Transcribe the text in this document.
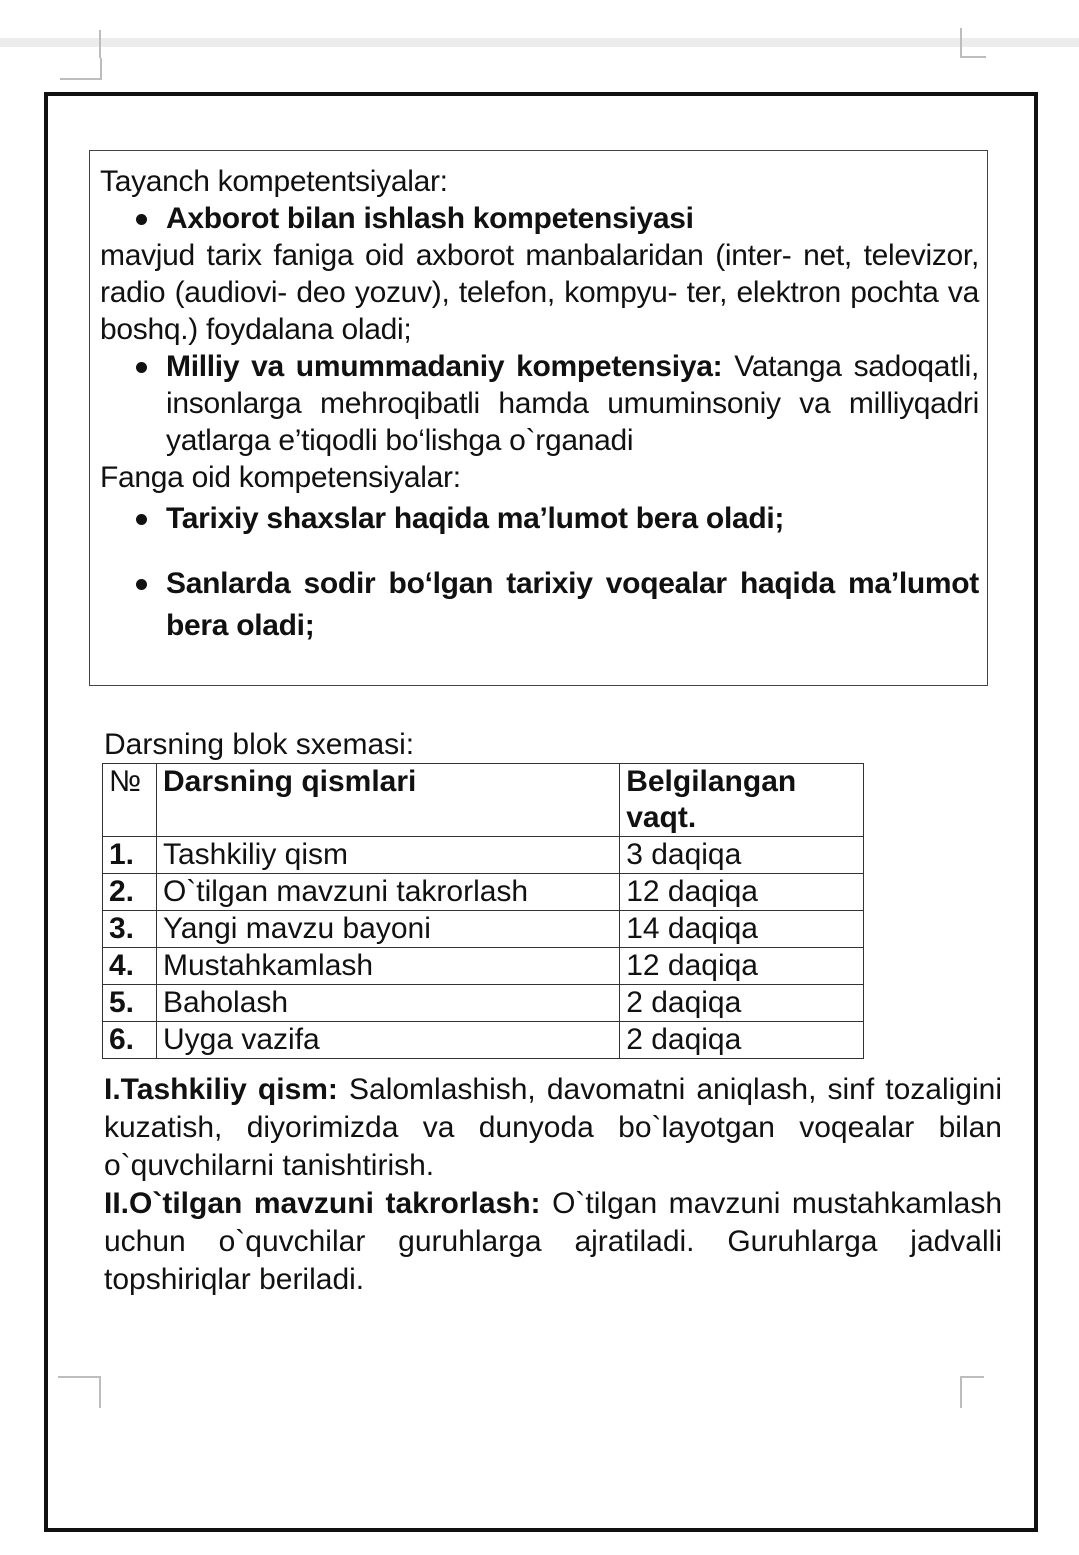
Tayanch kompetentsiyalar:
Axborot bilan ishlash kompetensiyasi
mavjud tarix faniga oid axborot manbalaridan (inter- net, televizor, radio (audiovi- deo yozuv), telefon, kompyu- ter, elektron pochta va boshq.) foydalana oladi;
Milliy va umummadaniy kompetensiya: Vatanga sadoqatli, insonlarga mehroqibatli hamda umuminsoniy va milliyqadri yatlarga e’tiqodli bo‘lishga o`rganadi
Fanga oid kompetensiyalar:
Tarixiy shaxslar haqida ma’lumot bera oladi;
Sanlarda sodir bo‘lgan tarixiy voqealar haqida ma’lumot bera oladi;
Darsning blok sxemasi:
№	Darsning qismlari	Belgilangan vaqt.
1.	Tashkiliy qism	3 daqiqa
2.	O`tilgan mavzuni takrorlash	12 daqiqa
3.	Yangi mavzu bayoni	14 daqiqa
4.	Mustahkamlash	12 daqiqa
5.	Baholash	2 daqiqa
6.	Uyga vazifa	2 daqiqa
I.Tashkiliy qism: Salomlashish, davomatni aniqlash, sinf tozaligini kuzatish, diyorimizda va dunyoda bo`layotgan voqealar bilan o`quvchilarni tanishtirish.
II.O`tilgan mavzuni takrorlash: O`tilgan mavzuni mustahkamlash uchun o`quvchilar guruhlarga ajratiladi. Guruhlarga jadvalli topshiriqlar beriladi.
